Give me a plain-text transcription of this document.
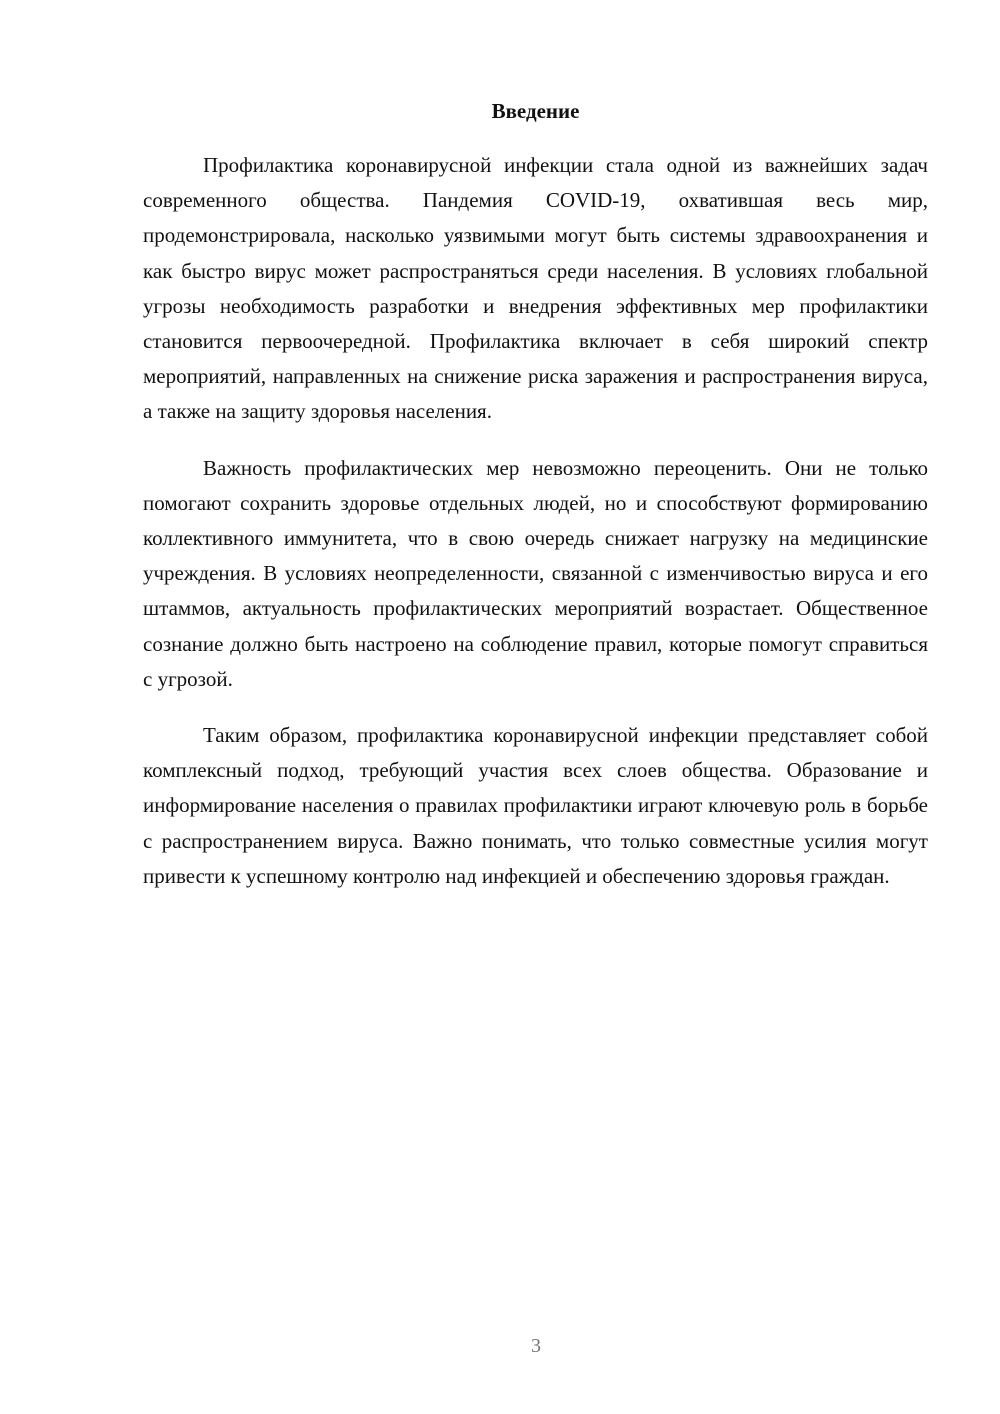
Введение

Профилактика коронавирусной инфекции стала одной из важнейших задач современного общества. Пандемия COVID-19, охватившая весь мир, продемонстрировала, насколько уязвимыми могут быть системы здравоохранения и как быстро вирус может распространяться среди населения. В условиях глобальной угрозы необходимость разработки и внедрения эффективных мер профилактики становится первоочередной. Профилактика включает в себя широкий спектр мероприятий, направленных на снижение риска заражения и распространения вируса, а также на защиту здоровья населения.

Важность профилактических мер невозможно переоценить. Они не только помогают сохранить здоровье отдельных людей, но и способствуют формированию коллективного иммунитета, что в свою очередь снижает нагрузку на медицинские учреждения. В условиях неопределенности, связанной с изменчивостью вируса и его штаммов, актуальность профилактических мероприятий возрастает. Общественное сознание должно быть настроено на соблюдение правил, которые помогут справиться с угрозой.

Таким образом, профилактика коронавирусной инфекции представляет собой комплексный подход, требующий участия всех слоев общества. Образование и информирование населения о правилах профилактики играют ключевую роль в борьбе с распространением вируса. Важно понимать, что только совместные усилия могут привести к успешному контролю над инфекцией и обеспечению здоровья граждан.

3
